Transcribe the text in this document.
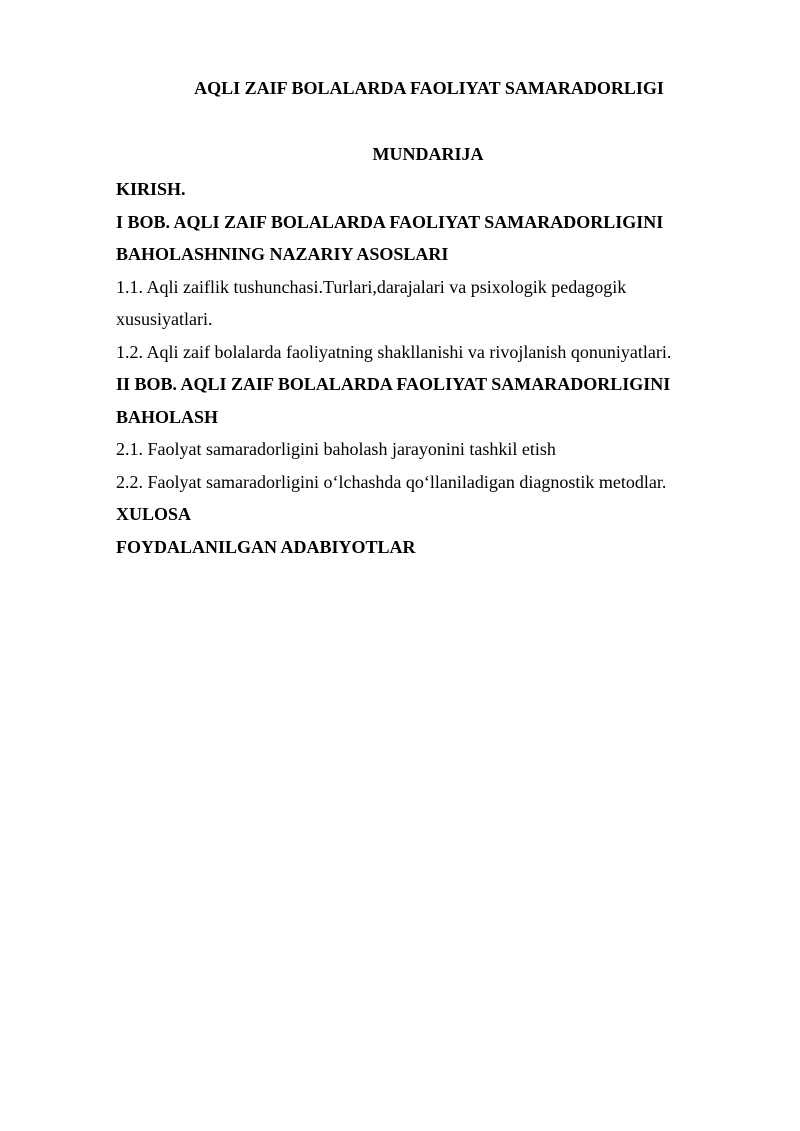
AQLI ZAIF BOLALARDA FAOLIYAT SAMARADORLIGI
MUNDARIJA
KIRISH.
I BOB. AQLI ZAIF BOLALARDA FAOLIYAT SAMARADORLIGINI
BAHOLASHNING NAZARIY ASOSLARI
1.1. Aqli zaiflik tushunchasi.Turlari,darajalari va psixologik pedagogik
xususiyatlari.
1.2. Aqli zaif bolalarda faoliyatning shakllanishi va rivojlanish qonuniyatlari.
II BOB. AQLI ZAIF BOLALARDA FAOLIYAT SAMARADORLIGINI
BAHOLASH
2.1. Faolyat samaradorligini baholash jarayonini tashkil etish
2.2. Faolyat samaradorligini o‘lchashda qo‘llaniladigan diagnostik metodlar.
XULOSA
FOYDALANILGAN ADABIYOTLAR
